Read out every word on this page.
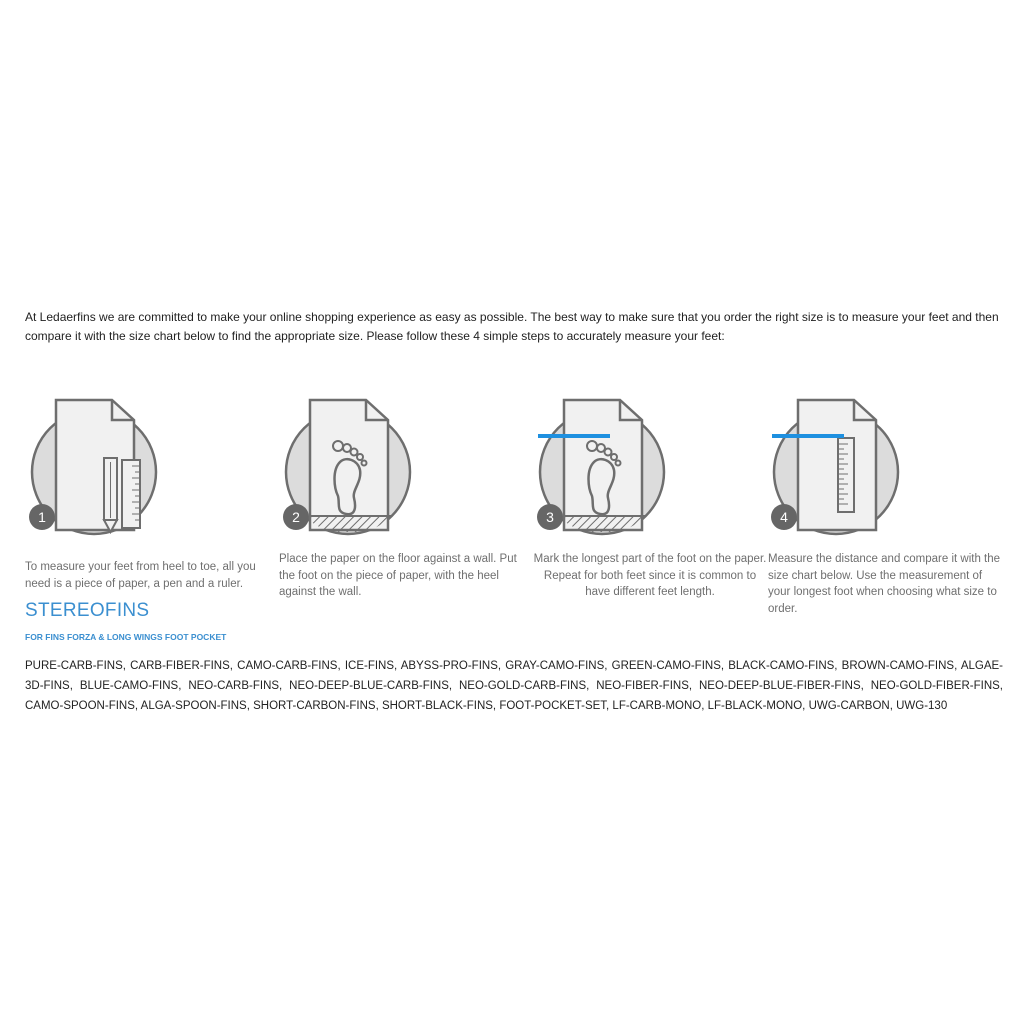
At Ledaerfins we are committed to make your online shopping experience as easy as possible. The best way to make sure that you order the right size is to measure your feet and then compare it with the size chart below to find the appropriate size. Please follow these 4 simple steps to accurately measure your feet:

1	2	3	4

To measure your feet from heel to toe, all you need is a piece of paper, a pen and a ruler.

Place the paper on the floor against a wall. Put the foot on the piece of paper, with the heel against the wall.

Mark the longest part of the foot on the paper. Repeat for both feet since it is common to have different feet length.

Measure the distance and compare it with the size chart below. Use the measurement of your longest foot when choosing what size to order.

STEREOFINS
FOR FINS FORZA & LONG WINGS FOOT POCKET

PURE-CARB-FINS, CARB-FIBER-FINS, CAMO-CARB-FINS, ICE-FINS, ABYSS-PRO-FINS, GRAY-CAMO-FINS, GREEN-CAMO-FINS, BLACK-CAMO-FINS, BROWN-CAMO-FINS, ALGAE-3D-FINS, BLUE-CAMO-FINS, NEO-CARB-FINS, NEO-DEEP-BLUE-CARB-FINS, NEO-GOLD-CARB-FINS, NEO-FIBER-FINS, NEO-DEEP-BLUE-FIBER-FINS, NEO-GOLD-FIBER-FINS, CAMO-SPOON-FINS, ALGA-SPOON-FINS, SHORT-CARBON-FINS, SHORT-BLACK-FINS, FOOT-POCKET-SET, LF-CARB-MONO, LF-BLACK-MONO, UWG-CARBON, UWG-130
